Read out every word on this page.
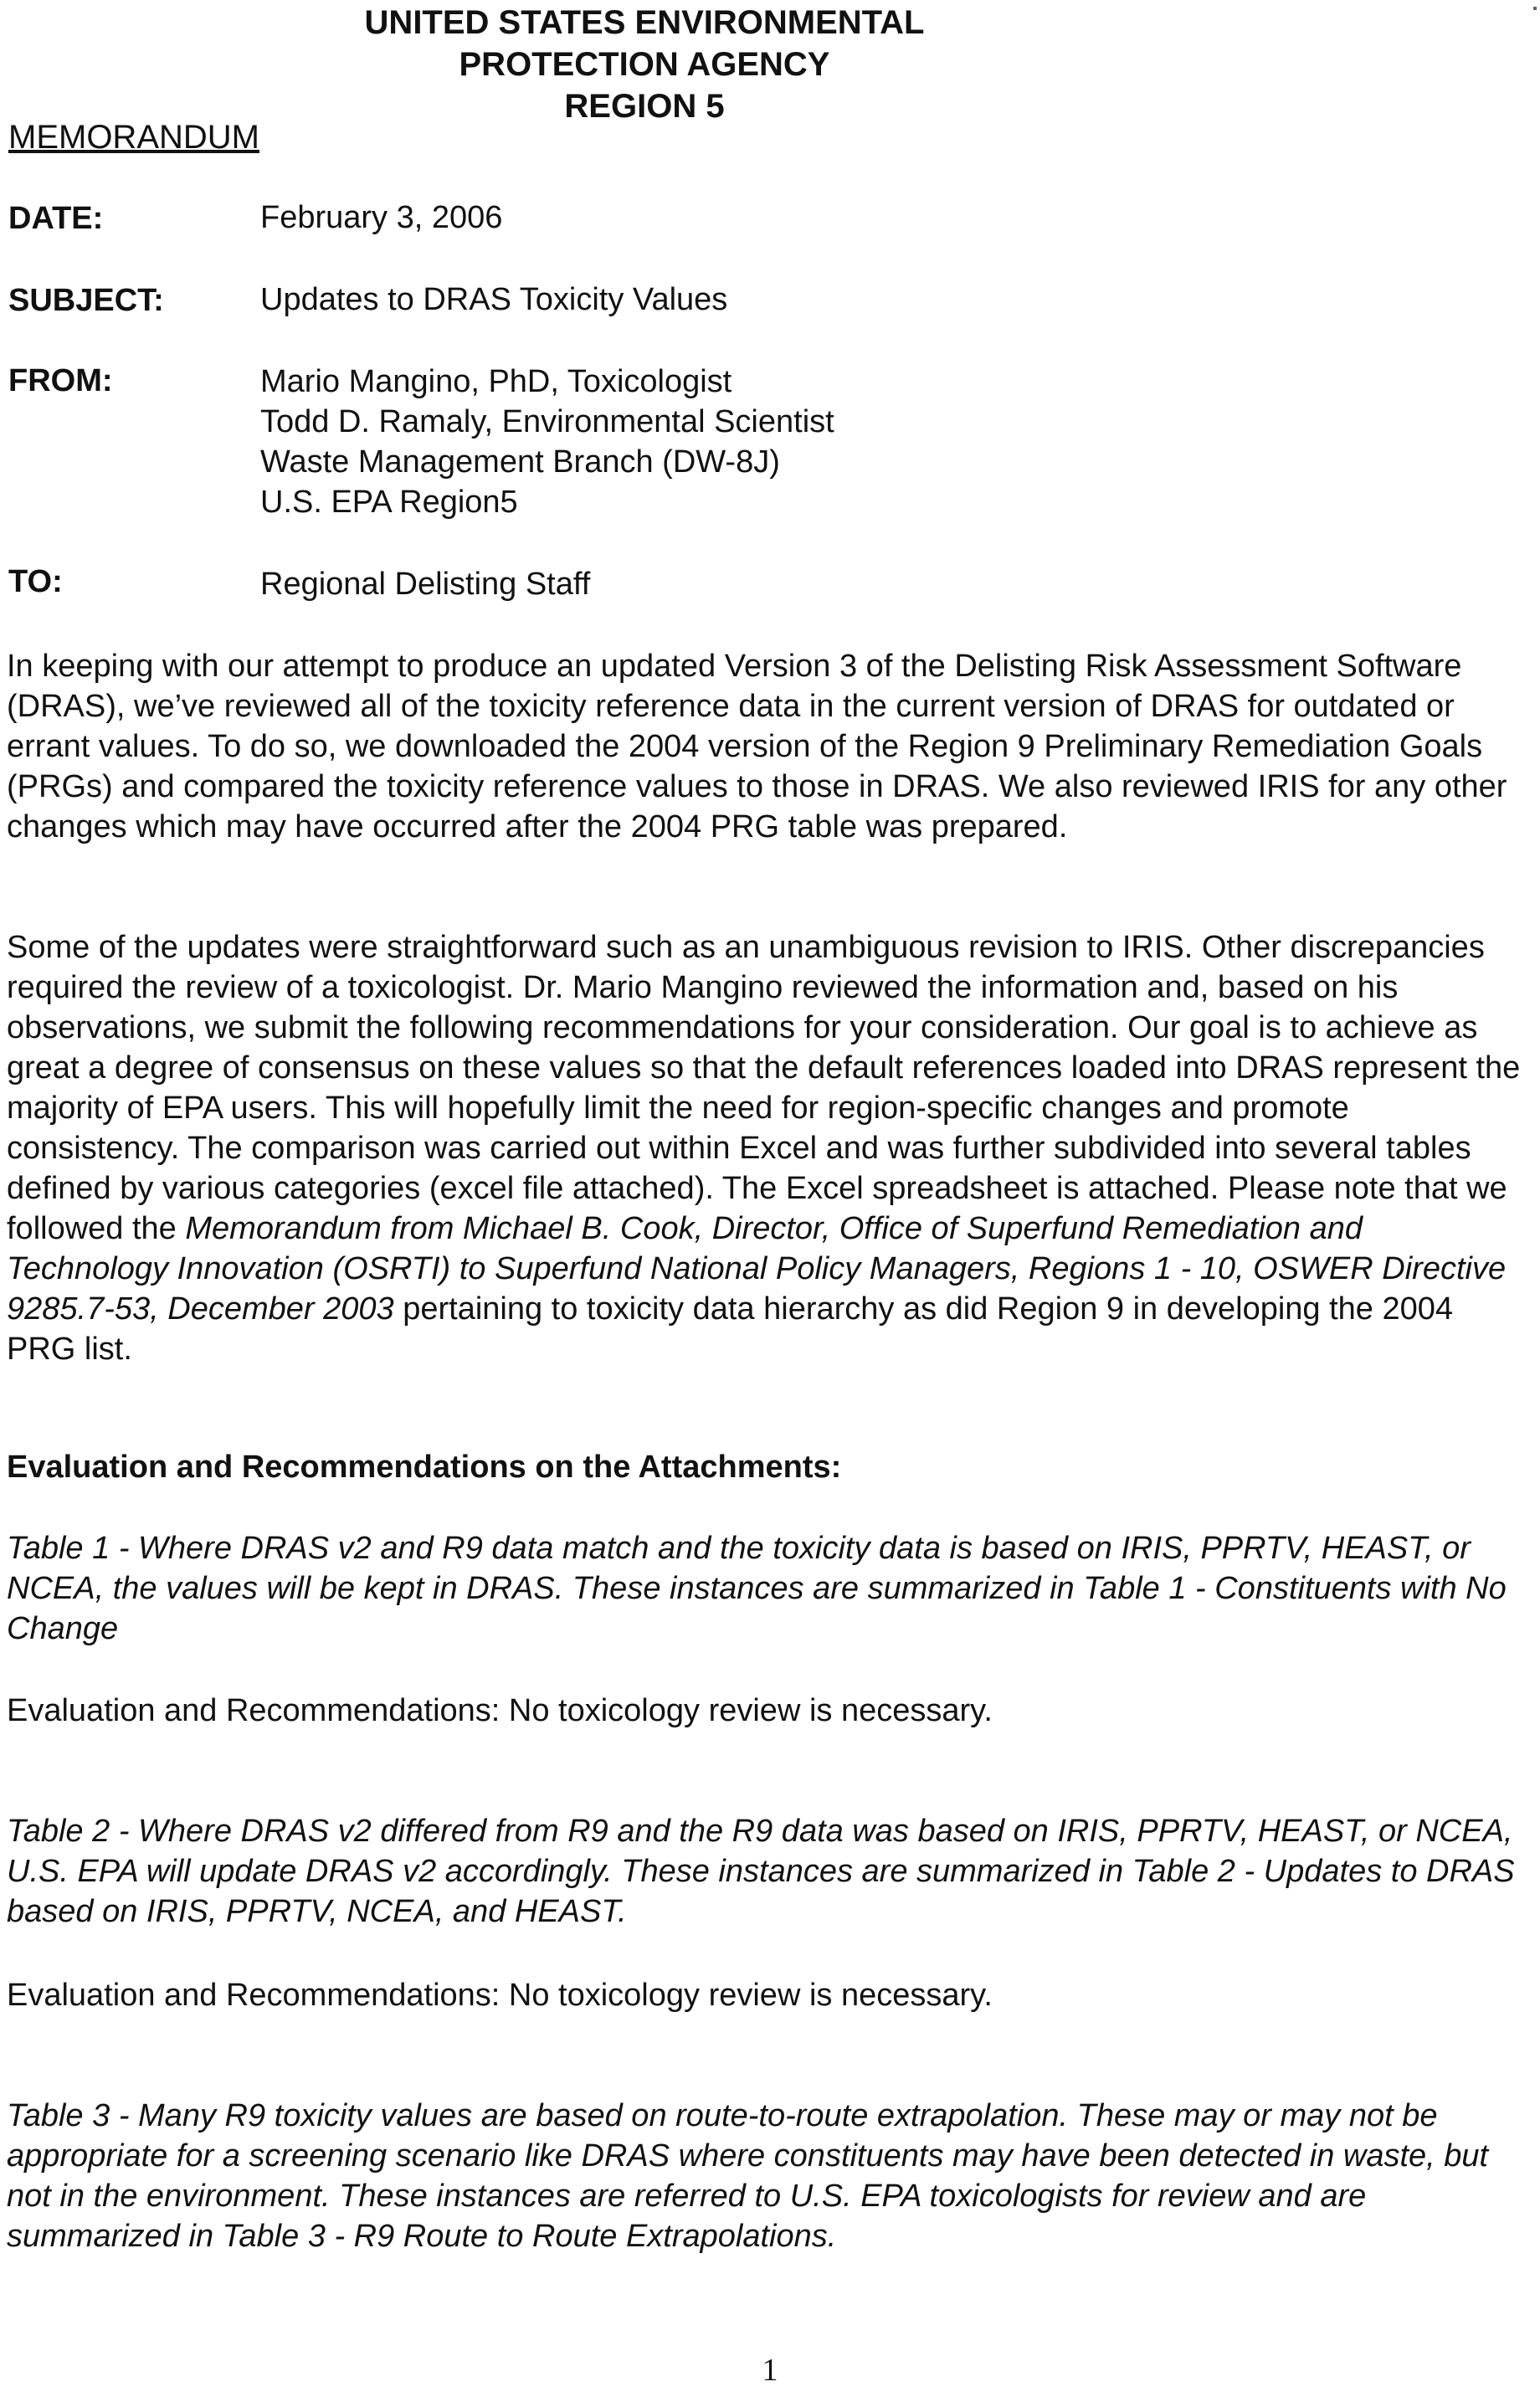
UNITED STATES ENVIRONMENTAL PROTECTION AGENCY
REGION 5
MEMORANDUM
DATE:	February 3, 2006
SUBJECT:	Updates to DRAS Toxicity Values
FROM:	Mario Mangino, PhD, Toxicologist
Todd D. Ramaly, Environmental Scientist
Waste Management Branch (DW-8J)
U.S. EPA Region5
TO:	Regional Delisting Staff

In keeping with our attempt to produce an updated Version 3 of the Delisting Risk Assessment Software (DRAS), we’ve reviewed all of the toxicity reference data in the current version of DRAS for outdated or errant values. To do so, we downloaded the 2004 version of the Region 9 Preliminary Remediation Goals (PRGs) and compared the toxicity reference values to those in DRAS. We also reviewed IRIS for any other changes which may have occurred after the 2004 PRG table was prepared.

Some of the updates were straightforward such as an unambiguous revision to IRIS. Other discrepancies required the review of a toxicologist. Dr. Mario Mangino reviewed the information and, based on his observations, we submit the following recommendations for your consideration. Our goal is to achieve as great a degree of consensus on these values so that the default references loaded into DRAS represent the majority of EPA users. This will hopefully limit the need for region-specific changes and promote consistency. The comparison was carried out within Excel and was further subdivided into several tables defined by various categories (excel file attached). The Excel spreadsheet is attached. Please note that we followed the Memorandum from Michael B. Cook, Director, Office of Superfund Remediation and Technology Innovation (OSRTI) to Superfund National Policy Managers, Regions 1 - 10, OSWER Directive 9285.7-53, December 2003 pertaining to toxicity data hierarchy as did Region 9 in developing the 2004 PRG list.

Evaluation and Recommendations on the Attachments:

Table 1 - Where DRAS v2 and R9 data match and the toxicity data is based on IRIS, PPRTV, HEAST, or NCEA, the values will be kept in DRAS. These instances are summarized in Table 1 - Constituents with No Change

Evaluation and Recommendations: No toxicology review is necessary.

Table 2 - Where DRAS v2 differed from R9 and the R9 data was based on IRIS, PPRTV, HEAST, or NCEA, U.S. EPA will update DRAS v2 accordingly. These instances are summarized in Table 2 - Updates to DRAS based on IRIS, PPRTV, NCEA, and HEAST.

Evaluation and Recommendations: No toxicology review is necessary.

Table 3 - Many R9 toxicity values are based on route-to-route extrapolation. These may or may not be appropriate for a screening scenario like DRAS where constituents may have been detected in waste, but not in the environment. These instances are referred to U.S. EPA toxicologists for review and are summarized in Table 3 - R9 Route to Route Extrapolations.

1
